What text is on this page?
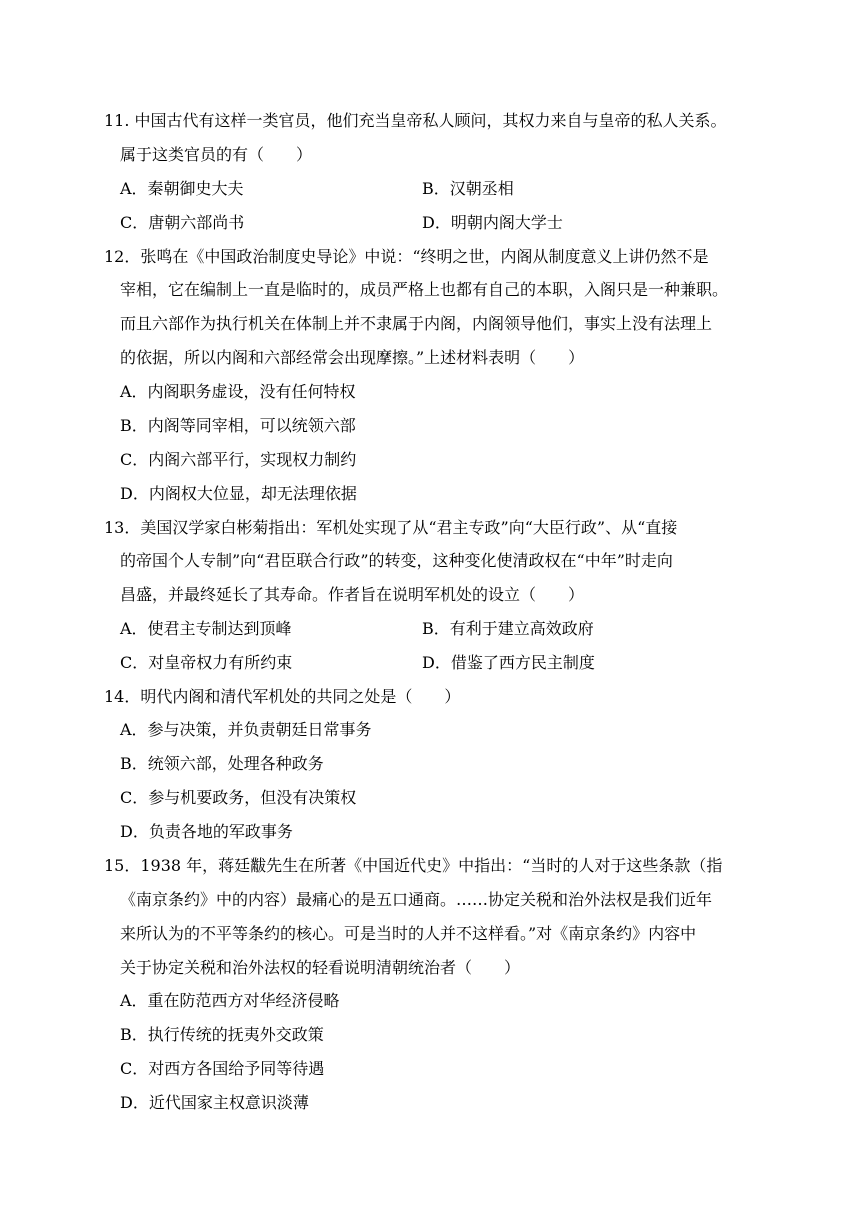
11. 中国古代有这样一类官员，他们充当皇帝私人顾问，其权力来自与皇帝的私人关系。
属于这类官员的有（　　）
A．秦朝御史大夫	B．汉朝丞相
C．唐朝六部尚书	D．明朝内阁大学士
12．张鸣在《中国政治制度史导论》中说：“终明之世，内阁从制度意义上讲仍然不是
宰相，它在编制上一直是临时的，成员严格上也都有自己的本职，入阁只是一种兼职。
而且六部作为执行机关在体制上并不隶属于内阁，内阁领导他们，事实上没有法理上
的依据，所以内阁和六部经常会出现摩擦。”上述材料表明（　　）
A．内阁职务虚设，没有任何特权
B．内阁等同宰相，可以统领六部
C．内阁六部平行，实现权力制约
D．内阁权大位显，却无法理依据
13．美国汉学家白彬菊指出：军机处实现了从“君主专政”向“大臣行政”、从“直接
的帝国个人专制”向“君臣联合行政”的转变，这种变化使清政权在“中年”时走向
昌盛，并最终延长了其寿命。作者旨在说明军机处的设立（　　）
A．使君主专制达到顶峰	B．有利于建立高效政府
C．对皇帝权力有所约束	D．借鉴了西方民主制度
14．明代内阁和清代军机处的共同之处是（　　）
A．参与决策，并负责朝廷日常事务
B．统领六部，处理各种政务
C．参与机要政务，但没有决策权
D．负责各地的军政事务
15．1938 年，蒋廷黻先生在所著《中国近代史》中指出：“当时的人对于这些条款（指
《南京条约》中的内容）最痛心的是五口通商。……协定关税和治外法权是我们近年
来所认为的不平等条约的核心。可是当时的人并不这样看。”对《南京条约》内容中
关于协定关税和治外法权的轻看说明清朝统治者（　　）
A．重在防范西方对华经济侵略
B．执行传统的抚夷外交政策
C．对西方各国给予同等待遇
D．近代国家主权意识淡薄
